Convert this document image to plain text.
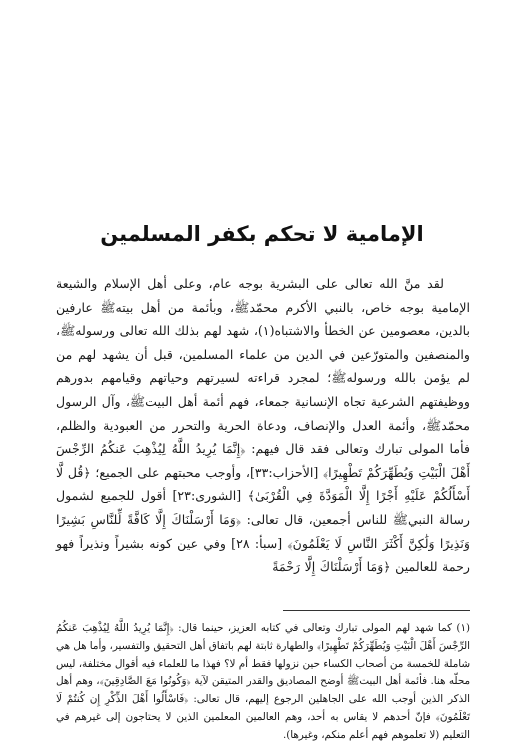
الإمامية لا تحكم بكفر المسلمين

لقد منَّ الله تعالى على البشرية بوجه عام، وعلى أهل الإسلام والشيعة الإمامية بوجه خاص، بالنبي الأكرم محمّدﷺ، وبأئمة من أهل بيتهﷺ عارفين بالدين، معصومين عن الخطأ والاشتباه(١)، شهد لهم بذلك الله تعالى ورسولهﷺ، والمنصفين والمتورّعين في الدين من علماء المسلمين، قبل أن يشهد لهم من لم يؤمن بالله ورسولهﷺ؛ لمجرد قراءته لسيرتهم وحياتهم وقيامهم بدورهم ووظيفتهم الشرعية تجاه الإنسانية جمعاء، فهم أئمة أهل البيتﷺ، وآل الرسول محمّدﷺ، وأئمة العدل والإنصاف، ودعاة الحرية والتحرر من العبودية والظلم، فأما المولى تبارك وتعالى فقد قال فيهم: ﴿إِنَّمَا يُرِيدُ اللَّهُ لِيُذْهِبَ عَنكُمُ الرِّجْسَ أَهْلَ الْبَيْتِ وَيُطَهِّرَكُمْ تَطْهِيرًا﴾ [الأحزاب:٣٣]، وأوجب محبتهم على الجميع؛ ﴿قُل لَّا أَسْأَلُكُمْ عَلَيْهِ أَجْرًا إِلَّا الْمَوَدَّةَ فِي الْقُرْبَىٰ﴾ [الشورى:٢٣] أقول للجميع لشمول رسالة النبيﷺ للناس أجمعين، قال تعالى: ﴿وَمَا أَرْسَلْنَاكَ إِلَّا كَافَّةً لِّلنَّاسِ بَشِيرًا وَنَذِيرًا وَلَٰكِنَّ أَكْثَرَ النَّاسِ لَا يَعْلَمُونَ﴾ [سبأ: ٢٨] وفي عين كونه بشيراً ونذيراً فهو رحمة للعالمين ﴿وَمَا أَرْسَلْنَاكَ إِلَّا رَحْمَةً

(١) كما شهد لهم المولى تبارك وتعالى في كتابه العزيز، حينما قال: ﴿إِنَّمَا يُرِيدُ اللَّهُ لِيُذْهِبَ عَنكُمُ الرِّجْسَ أَهْلَ الْبَيْتِ وَيُطَهِّرَكُمْ تَطْهِيرًا﴾ والطهارة ثابتة لهم باتفاق أهل التحقيق والتفسير، وأما هل هي شاملة للخمسة من أصحاب الكساء حين نزولها فقط أم لا؟ فهذا ما للعلماء فيه أقوال مختلفة، ليس محلّه هنا. فأئمة أهل البيتﷺ أوضح المصاديق والقدر المتيقن لآية ﴿وَكُونُوا مَعَ الصَّادِقِينَ﴾، وهم أهل الذكر الذين أوجب الله على الجاهلين الرجوع إليهم، قال تعالى: ﴿فَاسْأَلُوا أَهْلَ الذِّكْرِ إِن كُنتُمْ لَا تَعْلَمُونَ﴾ فإنّ أحدهم لا يقاس به أحد، وهم العالمين المعلمين الذين لا يحتاجون إلى غيرهم في التعليم (لا تعلموهم فهم أعلم منكم، وغيرها).
